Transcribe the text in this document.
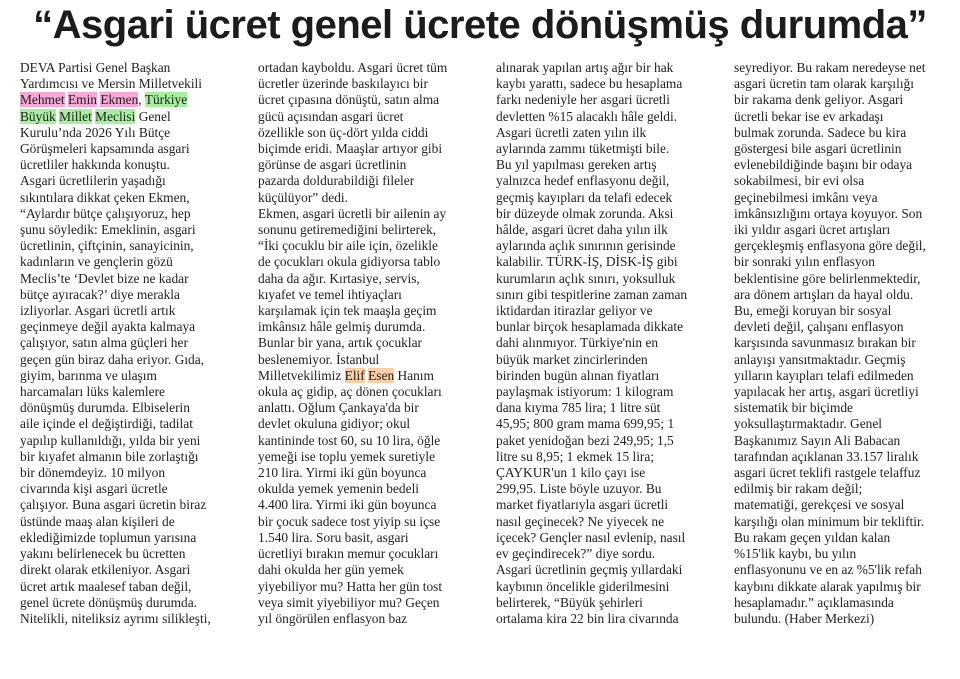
“Asgari ücret genel ücrete dönüşmüş durumda”
DEVA Partisi Genel Başkan
Yardımcısı ve Mersin Milletvekili
Mehmet Emin Ekmen, Türkiye
Büyük Millet Meclisi Genel
Kurulu’nda 2026 Yılı Bütçe
Görüşmeleri kapsamında asgari
ücretliler hakkında konuştu.
Asgari ücretlilerin yaşadığı
sıkıntılara dikkat çeken Ekmen,
“Aylardır bütçe çalışıyoruz, hep
şunu söyledik: Emeklinin, asgari
ücretlinin, çiftçinin, sanayicinin,
kadınların ve gençlerin gözü
Meclis’te ‘Devlet bize ne kadar
bütçe ayıracak?’ diye merakla
izliyorlar. Asgari ücretli artık
geçinmeye değil ayakta kalmaya
çalışıyor, satın alma güçleri her
geçen gün biraz daha eriyor. Gıda,
giyim, barınma ve ulaşım
harcamaları lüks kalemlere
dönüşmüş durumda. Elbiselerin
aile içinde el değiştirdiği, tadilat
yapılıp kullanıldığı, yılda bir yeni
bir kıyafet almanın bile zorlaştığı
bir dönemdeyiz. 10 milyon
civarında kişi asgari ücretle
çalışıyor. Buna asgari ücretin biraz
üstünde maaş alan kişileri de
eklediğimizde toplumun yarısına
yakını belirlenecek bu ücretten
direkt olarak etkileniyor. Asgari
ücret artık maalesef taban değil,
genel ücrete dönüşmüş durumda.
Nitelikli, niteliksiz ayrımı silikleşti,
ortadan kayboldu. Asgari ücret tüm
ücretler üzerinde baskılayıcı bir
ücret çıpasına dönüştü, satın alma
gücü açısından asgari ücret
özellikle son üç-dört yılda ciddi
biçimde eridi. Maaşlar artıyor gibi
görünse de asgari ücretlinin
pazarda doldurabildiği fileler
küçülüyor” dedi.
Ekmen, asgari ücretli bir ailenin ay
sonunu getiremediğini belirterek,
“İki çocuklu bir aile için, özelikle
de çocukları okula gidiyorsa tablo
daha da ağır. Kırtasiye, servis,
kıyafet ve temel ihtiyaçları
karşılamak için tek maaşla geçim
imkânsız hâle gelmiş durumda.
Bunlar bir yana, artık çocuklar
beslenemiyor. İstanbul
Milletvekilimiz Elif Esen Hanım
okula aç gidip, aç dönen çocukları
anlattı. Oğlum Çankaya'da bir
devlet okuluna gidiyor; okul
kantininde tost 60, su 10 lira, öğle
yemeği ise toplu yemek suretiyle
210 lira. Yirmi iki gün boyunca
okulda yemek yemenin bedeli
4.400 lira. Yirmi iki gün boyunca
bir çocuk sadece tost yiyip su içse
1.540 lira. Soru basit, asgari
ücretliyi bırakın memur çocukları
dahi okulda her gün yemek
yiyebiliyor mu? Hatta her gün tost
veya simit yiyebiliyor mu? Geçen
yıl öngörülen enflasyon baz
alınarak yapılan artış ağır bir hak
kaybı yarattı, sadece bu hesaplama
farkı nedeniyle her asgari ücretli
devletten %15 alacaklı hâle geldi.
Asgari ücretli zaten yılın ilk
aylarında zammı tüketmişti bile.
Bu yıl yapılması gereken artış
yalnızca hedef enflasyonu değil,
geçmiş kayıpları da telafi edecek
bir düzeyde olmak zorunda. Aksi
hâlde, asgari ücret daha yılın ilk
aylarında açlık sınırının gerisinde
kalabilir. TÜRK-İŞ, DİSK-İŞ gibi
kurumların açlık sınırı, yoksulluk
sınırı gibi tespitlerine zaman zaman
iktidardan itirazlar geliyor ve
bunlar birçok hesaplamada dikkate
dahi alınmıyor. Türkiye'nin en
büyük market zincirlerinden
birinden bugün alınan fiyatları
paylaşmak istiyorum: 1 kilogram
dana kıyma 785 lira; 1 litre süt
45,95; 800 gram mama 699,95; 1
paket yenidoğan bezi 249,95; 1,5
litre su 8,95; 1 ekmek 15 lira;
ÇAYKUR'un 1 kilo çayı ise
299,95. Liste böyle uzuyor. Bu
market fiyatlarıyla asgari ücretli
nasıl geçinecek? Ne yiyecek ne
içecek? Gençler nasıl evlenip, nasıl
ev geçindirecek?” diye sordu.
Asgari ücretlinin geçmiş yıllardaki
kaybının öncelikle giderilmesini
belirterek, “Büyük şehirleri
ortalama kira 22 bin lira civarında
seyrediyor. Bu rakam neredeyse net
asgari ücretin tam olarak karşılığı
bir rakama denk geliyor. Asgari
ücretli bekar ise ev arkadaşı
bulmak zorunda. Sadece bu kira
göstergesi bile asgari ücretlinin
evlenebildiğinde başını bir odaya
sokabilmesi, bir evi olsa
geçinebilmesi imkânı veya
imkânsızlığını ortaya koyuyor. Son
iki yıldır asgari ücret artışları
gerçekleşmiş enflasyona göre değil,
bir sonraki yılın enflasyon
beklentisine göre belirlenmektedir,
ara dönem artışları da hayal oldu.
Bu, emeği koruyan bir sosyal
devleti değil, çalışanı enflasyon
karşısında savunmasız bırakan bir
anlayışı yansıtmaktadır. Geçmiş
yılların kayıpları telafi edilmeden
yapılacak her artış, asgari ücretliyi
sistematik bir biçimde
yoksullaştırmaktadır. Genel
Başkanımız Sayın Ali Babacan
tarafından açıklanan 33.157 liralık
asgari ücret teklifi rastgele telaffuz
edilmiş bir rakam değil;
matematiği, gerekçesi ve sosyal
karşılığı olan minimum bir tekliftir.
Bu rakam geçen yıldan kalan
%15'lik kaybı, bu yılın
enflasyonunu ve en az %5'lik refah
kaybını dikkate alarak yapılmış bir
hesaplamadır.” açıklamasında
bulundu. (Haber Merkezi)
